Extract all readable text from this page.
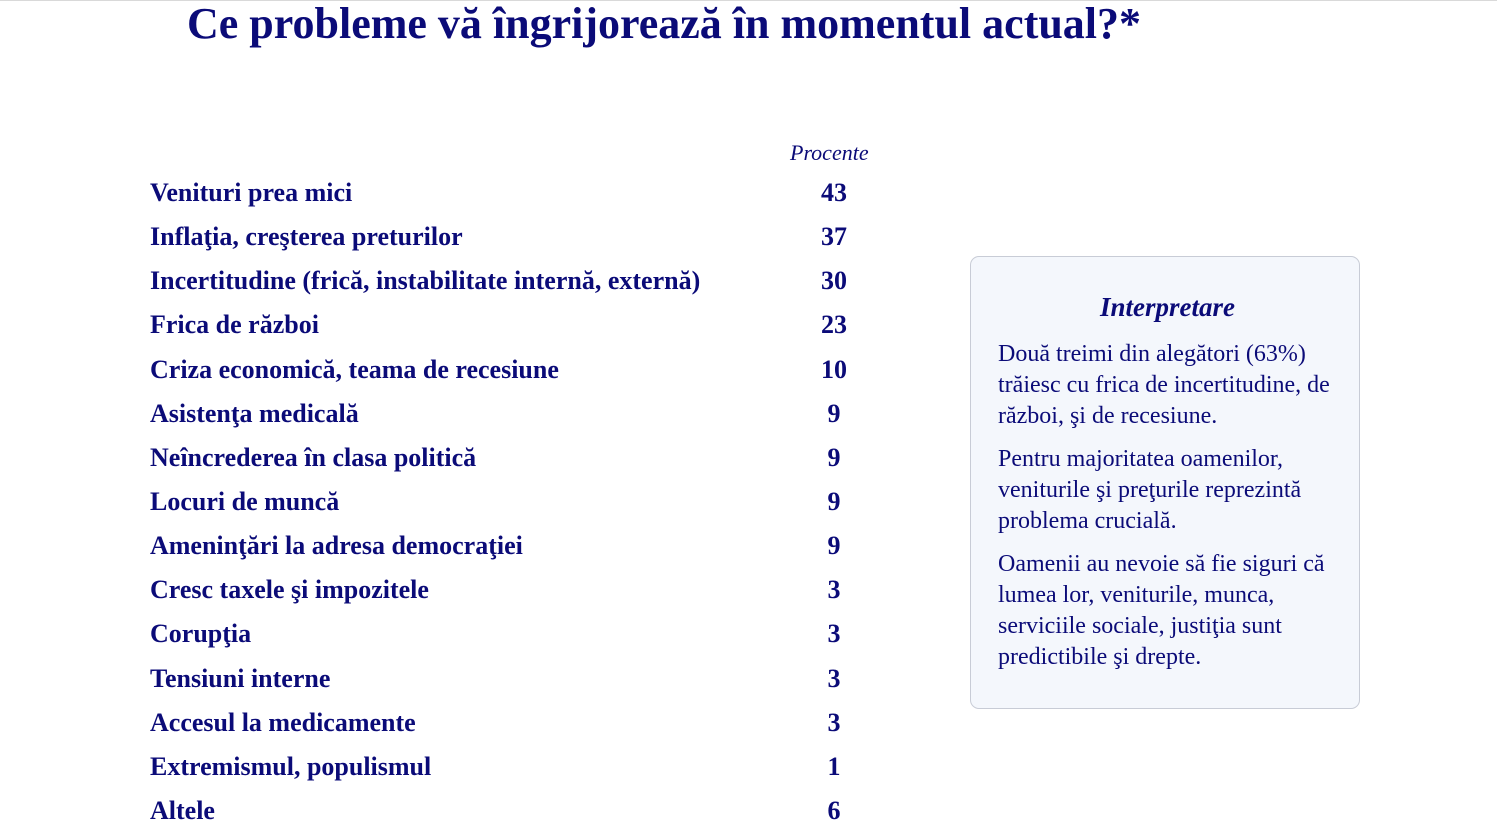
Ce probleme vă îngrijorează în momentul actual?*
Procente
Venituri prea mici	43
Inflaţia, creşterea preturilor	37
Incertitudine (frică, instabilitate internă, externă)	30
Frica de război	23
Criza economică, teama de recesiune	10
Asistenţa medicală	9
Neîncrederea în clasa politică	9
Locuri de muncă	9
Ameninţări la adresa democraţiei	9
Cresc taxele şi impozitele	3
Corupţia	3
Tensiuni interne	3
Accesul la medicamente	3
Extremismul, populismul	1
Altele	6
Interpretare

Două treimi din alegători (63%) trăiesc cu frica de incertitudine, de război, şi de recesiune.

Pentru majoritatea oamenilor, veniturile şi preţurile reprezintă problema crucială.

Oamenii au nevoie să fie siguri că lumea lor, veniturile, munca, serviciile sociale, justiţia sunt predictibile şi drepte.
